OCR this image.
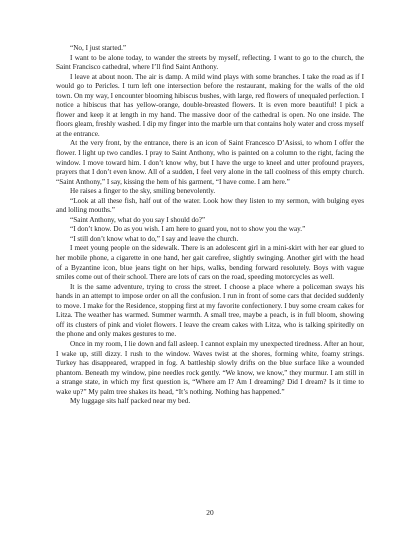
“No, I just started.”

I want to be alone today, to wander the streets by myself, reflecting. I want to go to the church, the Saint Francisco cathedral, where I’ll find Saint Anthony.

I leave at about noon. The air is damp. A mild wind plays with some branches. I take the road as if I would go to Pericles. I turn left one intersection before the restaurant, making for the walls of the old town. On my way, I encounter blooming hibiscus bushes, with large, red flowers of unequaled perfection. I notice a hibiscus that has yellow-orange, double-breasted flowers. It is even more beautiful! I pick a flower and keep it at length in my hand. The massive door of the cathedral is open. No one inside. The floors gleam, freshly washed. I dip my finger into the marble urn that contains holy water and cross myself at the entrance.

At the very front, by the entrance, there is an icon of Saint Francesco D’Asissi, to whom I offer the flower. I light up two candles. I pray to Saint Anthony, who is painted on a column to the right, facing the window. I move toward him. I don’t know why, but I have the urge to kneel and utter profound prayers, prayers that I don’t even know. All of a sudden, I feel very alone in the tall coolness of this empty church. “Saint Anthony,” I say, kissing the hem of his garment, “I have come. I am here.”

He raises a finger to the sky, smiling benevolently.

“Look at all these fish, half out of the water. Look how they listen to my sermon, with bulging eyes and lolling mouths.”

“Saint Anthony, what do you say I should do?”

“I don’t know. Do as you wish. I am here to guard you, not to show you the way.”

“I still don’t know what to do,” I say and leave the church.

I meet young people on the sidewalk. There is an adolescent girl in a mini-skirt with her ear glued to her mobile phone, a cigarette in one hand, her gait carefree, slightly swinging. Another girl with the head of a Byzantine icon, blue jeans tight on her hips, walks, bending forward resolutely. Boys with vague smiles come out of their school. There are lots of cars on the road, speeding motorcycles as well.

It is the same adventure, trying to cross the street. I choose a place where a policeman sways his hands in an attempt to impose order on all the confusion. I run in front of some cars that decided suddenly to move. I make for the Residence, stopping first at my favorite confectionery. I buy some cream cakes for Litza. The weather has warmed. Summer warmth. A small tree, maybe a peach, is in full bloom, showing off its clusters of pink and violet flowers. I leave the cream cakes with Litza, who is talking spiritedly on the phone and only makes gestures to me.

Once in my room, I lie down and fall asleep. I cannot explain my unexpected tiredness. After an hour, I wake up, still dizzy. I rush to the window. Waves twist at the shores, forming white, foamy strings. Turkey has disappeared, wrapped in fog. A battleship slowly drifts on the blue surface like a wounded phantom. Beneath my window, pine needles rock gently. “We know, we know,” they murmur. I am still in a strange state, in which my first question is, “Where am I? Am I dreaming? Did I dream? Is it time to wake up?” My palm tree shakes its head, “It’s nothing. Nothing has happened.”

My luggage sits half packed near my bed.

20
